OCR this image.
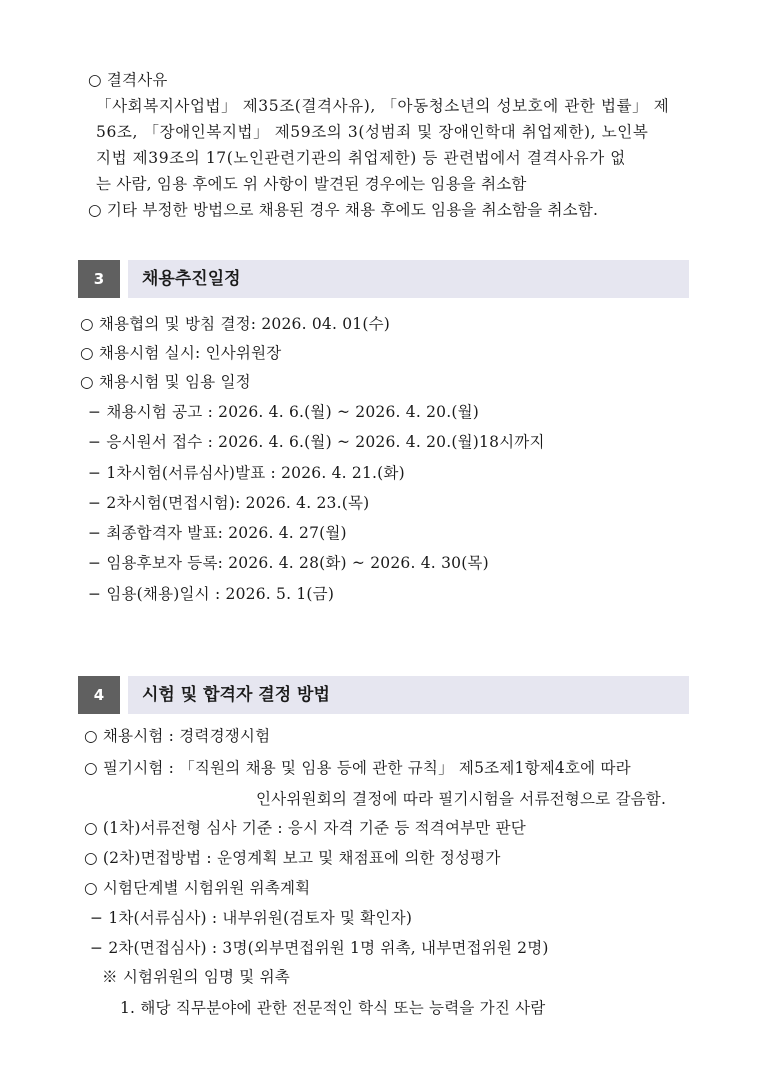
○ 결격사유
「사회복지사업법」 제35조(결격사유), 「아동청소년의 성보호에 관한 법률」 제
56조, 「장애인복지법」 제59조의 3(성범죄 및 장애인학대 취업제한), 노인복
지법 제39조의 17(노인관련기관의 취업제한) 등 관련법에서 결격사유가 없
는 사람, 임용 후에도 위 사항이 발견된 경우에는 임용을 취소함
○ 기타 부정한 방법으로 채용된 경우 채용 후에도 임용을 취소함을 취소함.
3	채용추진일정
○ 채용협의 및 방침 결정: 2026. 04. 01(수)
○ 채용시험 실시: 인사위원장
○ 채용시험 및 임용 일정
− 채용시험 공고 : 2026. 4. 6.(월) ~ 2026. 4. 20.(월)
− 응시원서 접수 : 2026. 4. 6.(월) ~ 2026. 4. 20.(월)18시까지
− 1차시험(서류심사)발표 : 2026. 4. 21.(화)
− 2차시험(면접시험): 2026. 4. 23.(목)
− 최종합격자 발표: 2026. 4. 27(월)
− 임용후보자 등록: 2026. 4. 28(화) ~ 2026. 4. 30(목)
− 임용(채용)일시 : 2026. 5. 1(금)
4	시험 및 합격자 결정 방법
○ 채용시험 : 경력경쟁시험
○ 필기시험 : 「직원의 채용 및 임용 등에 관한 규칙」 제5조제1항제4호에 따라
인사위원회의 결정에 따라 필기시험을 서류전형으로 갈음함.
○ (1차)서류전형 심사 기준 : 응시 자격 기준 등 적격여부만 판단
○ (2차)면접방법 : 운영계획 보고 및 채점표에 의한 정성평가
○ 시험단계별 시험위원 위촉계획
− 1차(서류심사) : 내부위원(검토자 및 확인자)
− 2차(면접심사) : 3명(외부면접위원 1명 위촉, 내부면접위원 2명)
※ 시험위원의 임명 및 위촉
1. 해당 직무분야에 관한 전문적인 학식 또는 능력을 가진 사람
